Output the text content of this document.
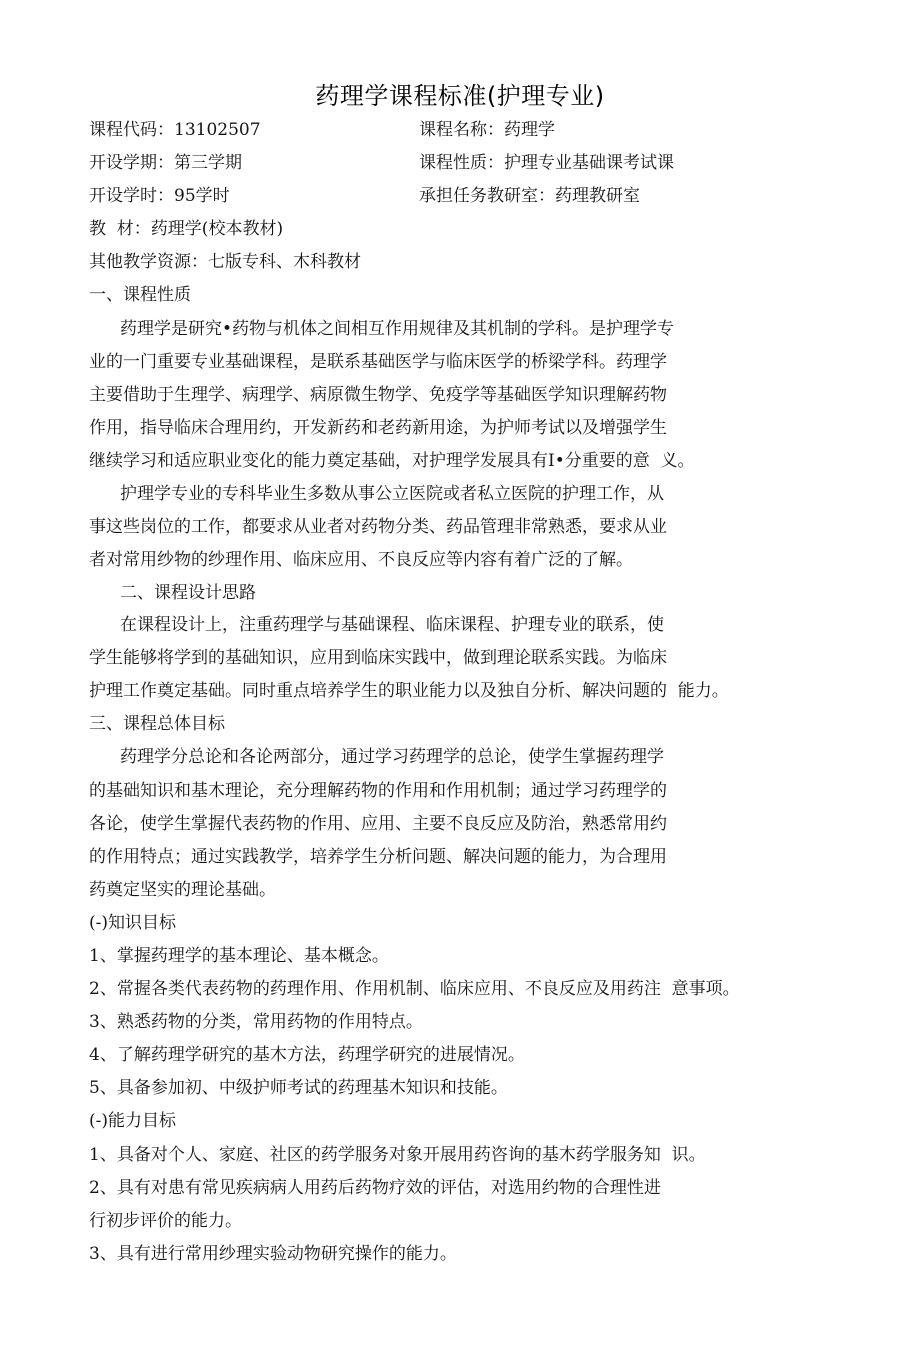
药理学课程标准(护理专业)
课程代码：13102507	课程名称：药理学
开设学期：第三学期	课程性质：护理专业基础课考试课
开设学时：95学时	承担任务教研室：药理教研室
教  材：药理学(校本教材)
其他教学资源：七版专科、木科教材
一、课程性质
药理学是研究•药物与机体之间相互作用规律及其机制的学科。是护理学专
业的一门重要专业基础课程，是联系基础医学与临床医学的桥梁学科。药理学
主要借助于生理学、病理学、病原微生物学、免疫学等基础医学知识理解药物
作用，指导临床合理用约，开发新药和老药新用途，为护师考试以及增强学生
继续学习和适应职业变化的能力奠定基础，对护理学发展具有I•分重要的意  义。
护理学专业的专科毕业生多数从事公立医院或者私立医院的护理工作，从
事这些岗位的工作，都要求从业者对药物分类、药品管理非常熟悉，要求从业
者对常用纱物的纱理作用、临床应用、不良反应等内容有着广泛的了解。
二、课程设计思路
在课程设计上，注重药理学与基础课程、临床课程、护理专业的联系，使
学生能够将学到的基础知识，应用到临床实践中，做到理论联系实践。为临床
护理工作奠定基础。同时重点培养学生的职业能力以及独自分析、解决问题的  能力。
三、课程总体目标
药理学分总论和各论两部分，通过学习药理学的总论，使学生掌握药理学
的基础知识和基木理论，充分理解药物的作用和作用机制；通过学习药理学的
各论，使学生掌握代表药物的作用、应用、主要不良反应及防治，熟悉常用约
的作用特点；通过实践教学，培养学生分析问题、解决问题的能力，为合理用
药奠定坚实的理论基础。
(-)知识目标
1、掌握药理学的基本理论、基本概念。
2、常握各类代表药物的药理作用、作用机制、临床应用、不良反应及用药注  意事项。
3、熟悉药物的分类，常用药物的作用特点。
4、了解药理学研究的基木方法，药理学研究的进展情况。
5、具备参加初、中级护师考试的药理基木知识和技能。
(-)能力目标
1、具备对个人、家庭、社区的药学服务对象开展用药咨询的基木药学服务知  识。
2、具有对患有常见疾病病人用药后药物疗效的评估，对选用约物的合理性进
行初步评价的能力。
3、具有进行常用纱理实验动物研究操作的能力。
